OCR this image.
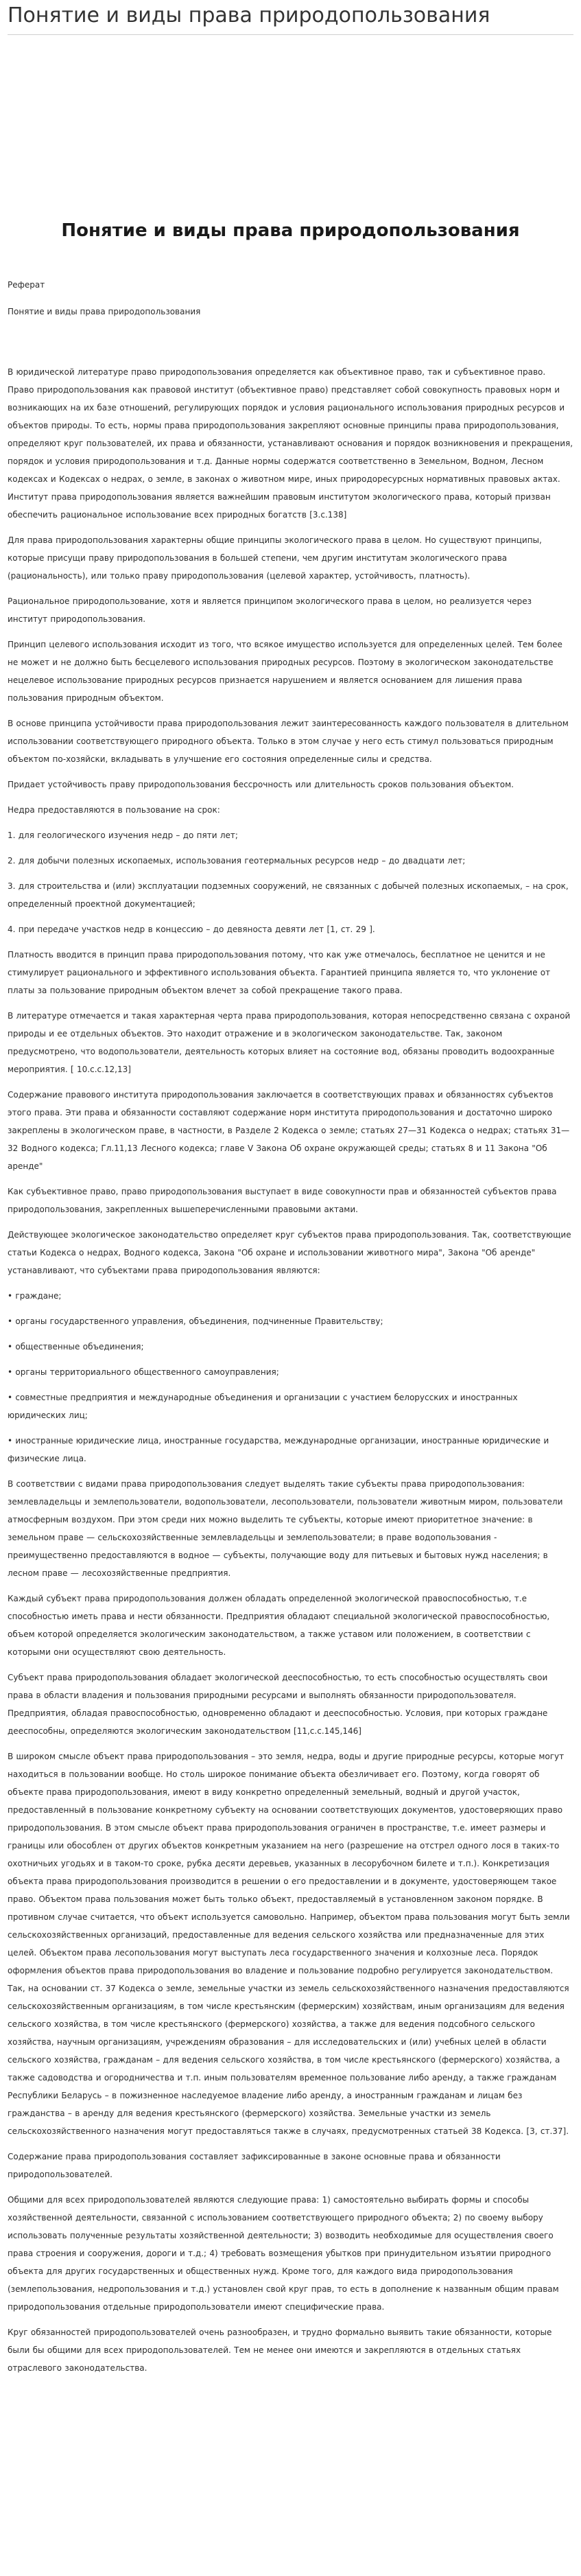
Понятие и виды права природопользования
Понятие и виды права природопользования
Реферат
Понятие и виды права природопользования

В юридической литературе право природопользования определяется как объективное право, так и субъективное право. Право природопользования как правовой институт (объективное право) представляет собой совокупность правовых норм и возникающих на их базе отношений, регулирующих порядок и условия рационального использования природных ресурсов и объектов природы. То есть, нормы права природопользования закрепляют основные принципы права природопользования, определяют круг пользователей, их права и обязанности, устанавливают основания и порядок возникновения и прекращения, порядок и условия природопользования и т.д. Данные нормы содержатся соответственно в Земельном, Водном, Лесном кодексах и Кодексах о недрах, о земле, в законах о животном мире, иных природоресурсных нормативных правовых актах. Институт права природопользования является важнейшим правовым институтом экологического права, который призван обеспечить рациональное использование всех природных богатств [3.с.138]

Для права природопользования характерны общие принципы экологического права в целом. Но существуют принципы, которые присущи праву природопользования в большей степени, чем другим институтам экологического права (рациональность), или только праву природопользования (целевой характер, устойчивость, платность).

Рациональное природопользование, хотя и является принципом экологического права в целом, но реализуется через институт природопользования.

Принцип целевого использования исходит из того, что всякое имущество используется для определенных целей. Тем более не может и не должно быть бесцелевого использования природных ресурсов. Поэтому в экологическом законодательстве нецелевое использование природных ресурсов признается нарушением и является основанием для лишения права пользования природным объектом.

В основе принципа устойчивости права природопользования лежит заинтересованность каждого пользователя в длительном использовании соответствующего природного объекта. Только в этом случае у него есть стимул пользоваться природным объектом по-хозяйски, вкладывать в улучшение его состояния определенные силы и средства.

Придает устойчивость праву природопользования бессрочность или длительность сроков пользования объектом.

Недра предоставляются в пользование на срок:

1. для геологического изучения недр – до пяти лет;

2. для добычи полезных ископаемых, использования геотермальных ресурсов недр – до двадцати лет;

3. для строительства и (или) эксплуатации подземных сооружений, не связанных с добычей полезных ископаемых, – на срок, определенный проектной документацией;

4. при передаче участков недр в концессию – до девяноста девяти лет [1, ст. 29 ].

Платность вводится в принцип права природопользования потому, что как уже отмечалось, бесплатное не ценится и не стимулирует рационального и эффективного использования объекта. Гарантией принципа является то, что уклонение от платы за пользование природным объектом влечет за собой прекращение такого права.

В литературе отмечается и такая характерная черта права природопользования, которая непосредственно связана с охраной природы и ее отдельных объектов. Это находит отражение и в экологическом законодательстве. Так, законом предусмотрено, что водопользователи, деятельность которых влияет на состояние вод, обязаны проводить водоохранные мероприятия. [ 10.с.с.12,13]

Содержание правового института природопользования заключается в соответствующих правах и обязанностях субъектов этого права. Эти права и обязанности составляют содержание норм института природопользования и достаточно широко закреплены в экологическом праве, в частности, в Разделе 2 Кодекса о земле; статьях 27—31 Кодекса о недрах; статьях 31—32 Водного кодекса; Гл.11,13 Лесного кодекса; главе V Закона Об охране окружающей среды; статьях 8 и 11 Закона "Об аренде"

Как субъективное право, право природопользования выступает в виде совокупности прав и обязанностей субъектов права природопользования, закрепленных вышеперечисленными правовыми актами.

Действующее экологическое законодательство определяет круг субъектов права природопользования. Так, соответствующие статьи Кодекса о недрах, Водного кодекса, Закона "Об охране и использовании животного мира", Закона "Об аренде" устанавливают, что субъектами права природопользования являются:

• граждане;

• органы государственного управления, объединения, подчиненные Правительству;

• общественные объединения;

• органы территориального общественного самоуправления;

• совместные предприятия и международные объединения и организации с участием белорусских и иностранных юридических лиц;

• иностранные юридические лица, иностранные государства, международные организации, иностранные юридические и физические лица.

В соответствии с видами права природопользования следует выделять такие субъекты права природопользования: землевладельцы и землепользователи, водопользователи, лесопользователи, пользователи животным миром, пользователи атмосферным воздухом. При этом среди них можно выделить те субъекты, которые имеют приоритетное значение: в земельном праве — сельскохозяйственные землевладельцы и землепользователи; в праве водопользования - преимущественно предоставляются в водное — субъекты, получающие воду для питьевых и бытовых нужд населения; в лесном праве — лесохозяйственные предприятия.

Каждый субъект права природопользования должен обладать определенной экологической правоспособностью, т.е способностью иметь права и нести обязанности. Предприятия обладают специальной экологической правоспособностью, объем которой определяется экологическим законодательством, а также уставом или положением, в соответствии с которыми они осуществляют свою деятельность.

Субъект права природопользования обладает экологической дееспособностью, то есть способностью осуществлять свои права в области владения и пользования природными ресурсами и выполнять обязанности природопользователя. Предприятия, обладая правоспособностью, одновременно обладают и дееспособностью. Условия, при которых граждане дееспособны, определяются экологическим законодательством [11,с.с.145,146]

В широком смысле объект права природопользования – это земля, недра, воды и другие природные ресурсы, которые могут находиться в пользовании вообще. Но столь широкое понимание объекта обезличивает его. Поэтому, когда говорят об объекте права природопользования, имеют в виду конкретно определенный земельный, водный и другой участок, предоставленный в пользование конкретному субъекту на основании соответствующих документов, удостоверяющих право природопользования. В этом смысле объект права природопользования ограничен в пространстве, т.е. имеет размеры и границы или обособлен от других объектов конкретным указанием на него (разрешение на отстрел одного лося в таких-то охотничьих угодьях и в таком-то сроке, рубка десяти деревьев, указанных в лесорубочном билете и т.п.). Конкретизация объекта права природопользования производится в решении о его предоставлении и в документе, удостоверяющем такое право. Объектом права пользования может быть только объект, предоставляемый в установленном законом порядке. В противном случае считается, что объект используется самовольно. Например, объектом права пользования могут быть земли сельскохозяйственных организаций, предоставленные для ведения сельского хозяйства или предназначенные для этих целей. Объектом права лесопользования могут выступать леса государственного значения и колхозные леса. Порядок оформления объектов права природопользования во владение и пользование подробно регулируется законодательством. Так, на основании ст. 37 Кодекса о земле, земельные участки из земель сельскохозяйственного назначения предоставляются сельскохозяйственным организациям, в том числе крестьянским (фермерским) хозяйствам, иным организациям для ведения сельского хозяйства, в том числе крестьянского (фермерского) хозяйства, а также для ведения подсобного сельского хозяйства, научным организациям, учреждениям образования – для исследовательских и (или) учебных целей в области сельского хозяйства, гражданам – для ведения сельского хозяйства, в том числе крестьянского (фермерского) хозяйства, а также садоводства и огородничества и т.п. иным пользователям временное пользование либо аренду, а также гражданам Республики Беларусь – в пожизненное наследуемое владение либо аренду, а иностранным гражданам и лицам без гражданства – в аренду для ведения крестьянского (фермерского) хозяйства. Земельные участки из земель сельскохозяйственного назначения могут предоставляться также в случаях, предусмотренных статьей 38 Кодекса. [3, ст.37].

Содержание права природопользования составляет зафиксированные в законе основные права и обязанности природопользователей.

Общими для всех природопользователей являются следующие права: 1) самостоятельно выбирать формы и способы хозяйственной деятельности, связанной с использованием соответствующего природного объекта; 2) по своему выбору использовать полученные результаты хозяйственной деятельности; 3) возводить необходимые для осуществления своего права строения и сооружения, дороги и т.д.; 4) требовать возмещения убытков при принудительном изъятии природного объекта для других государственных и общественных нужд. Кроме того, для каждого вида природопользования (землепользования, недропользования и т.д.) установлен свой круг прав, то есть в дополнение к названным общим правам природопользования отдельные природопользователи имеют специфические права.

Круг обязанностей природопользователей очень разнообразен, и трудно формально выявить такие обязанности, которые были бы общими для всех природопользователей. Тем не менее они имеются и закрепляются в отдельных статьях отраслевого законодательства.
